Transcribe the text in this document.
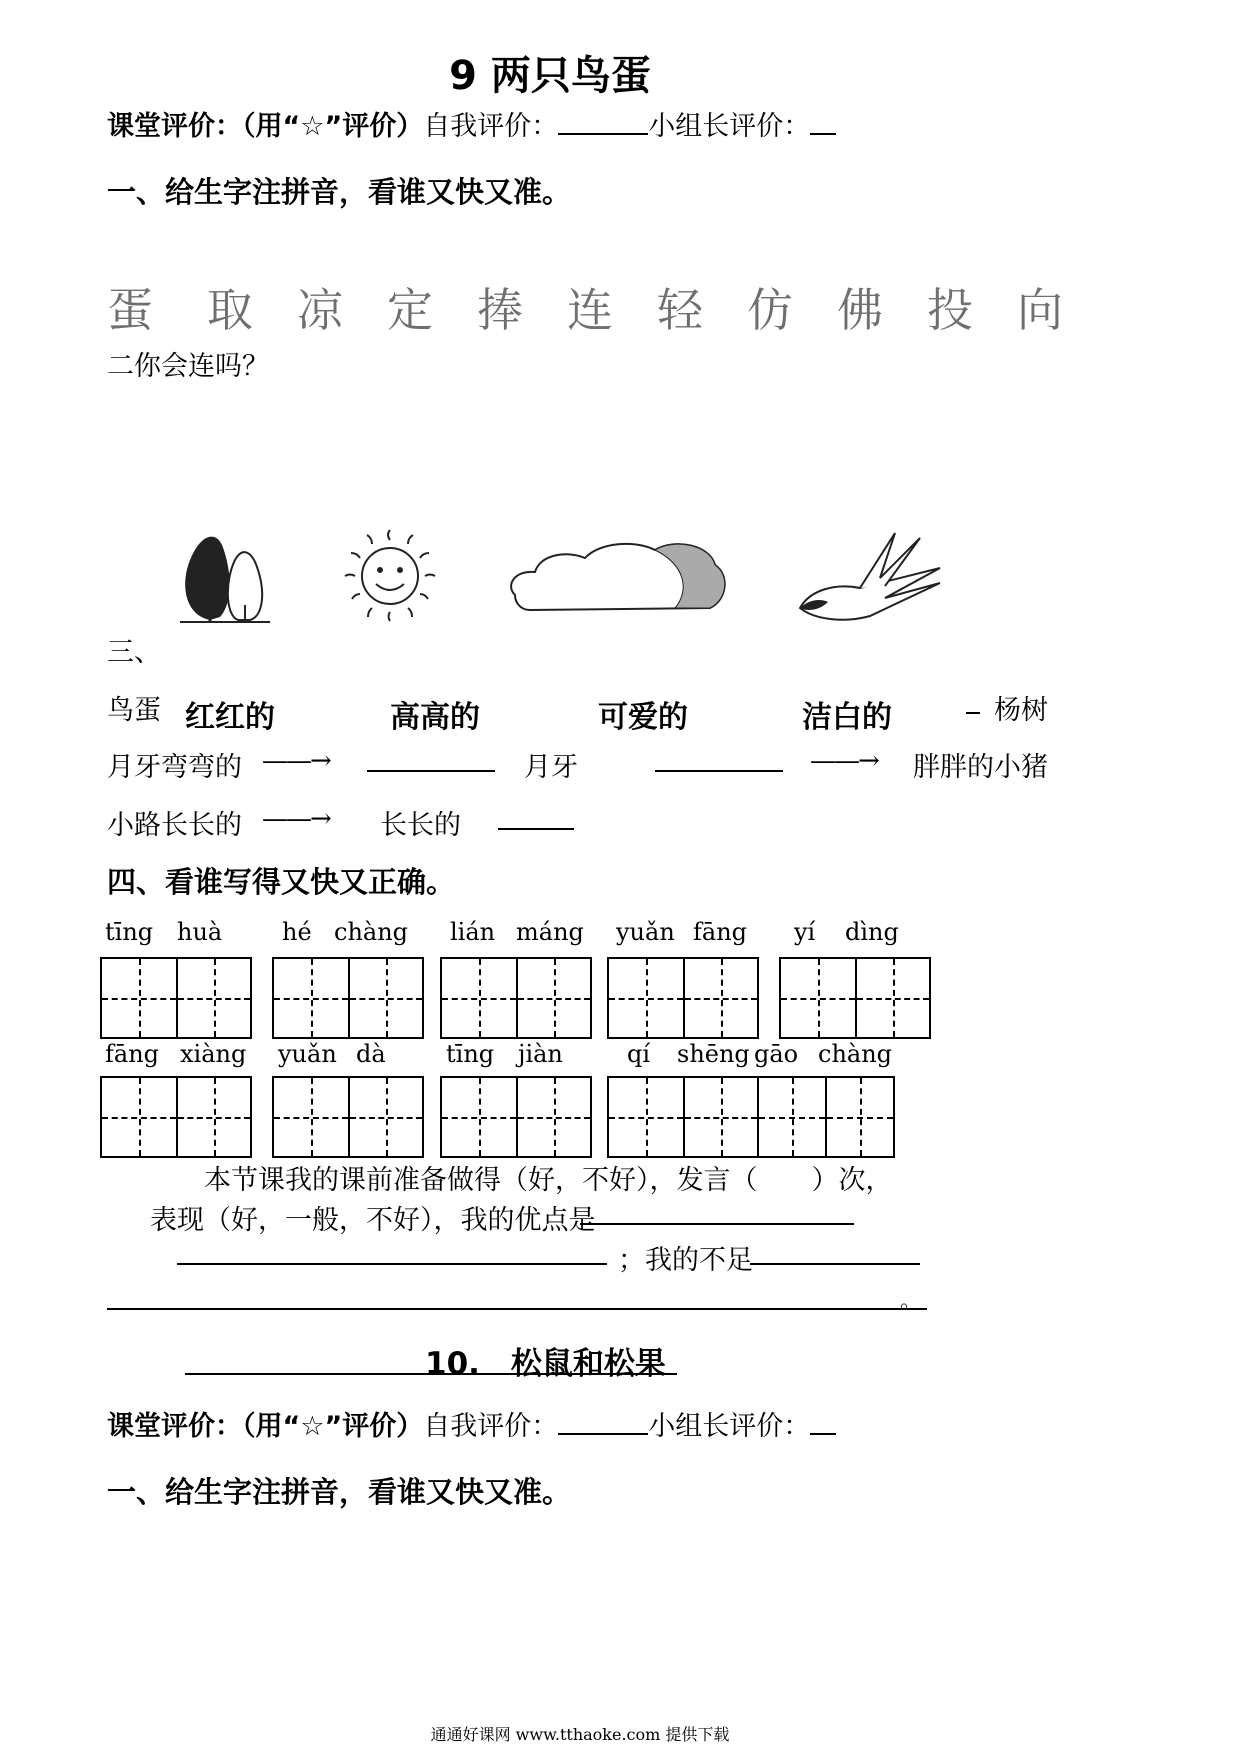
9 两只鸟蛋
课堂评价：（用“☆”评价）自我评价：	小组长评价：
一、给生字注拼音，看谁又快又准。
蛋 取 凉 定 捧 连 轻 仿 佛 投 向
二你会连吗？
三、
鸟蛋 红红的	高高的	可爱的	洁白的	杨树
月牙弯弯的 ——→	月牙	——→ 胖胖的小猪
小路长长的 ——→ 长长的
四、看谁写得又快又正确。
tīng huà hé chàng lián máng yuǎn fāng yí dìng
fāng xiàng yuǎn dà	tīng jiàn	qí shēng gāo chàng
本节课我的课前准备做得（好，不好），发言（　　）次，
表现（好，一般，不好），我的优点是
；我的不足
。
10.　松鼠和松果
课堂评价：（用“☆”评价）自我评价：	小组长评价：
一、给生字注拼音，看谁又快又准。
通通好课网 www.tthaoke.com 提供下载
